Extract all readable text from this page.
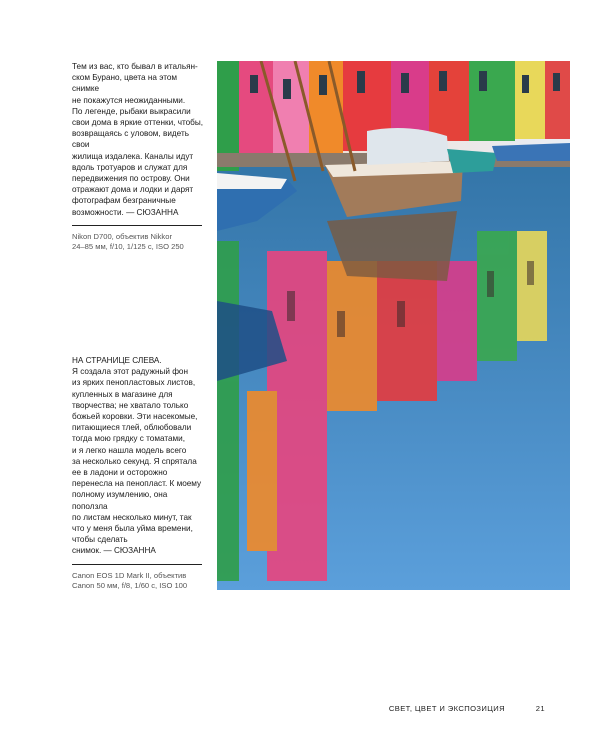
Тем из вас, кто бывал в итальян-
ском Бурано, цвета на этом снимке
не покажутся неожиданными.
По легенде, рыбаки выкрасили
свои дома в яркие оттенки, чтобы,
возвращаясь с уловом, видеть свои
жилища издалека. Каналы идут
вдоль тротуаров и служат для
передвижения по острову. Они
отражают дома и лодки и дарят
фотографам безграничные
возможности. — СЮЗАННА

Nikon D700, объектив Nikkor
24–85 мм, f/10, 1/125 с, ISO 250

НА СТРАНИЦЕ СЛЕВА.

Я создала этот радужный фон
из ярких пенопластовых листов,
купленных в магазине для
творчества; не хватало только
божьей коровки. Эти насекомые,
питающиеся тлей, облюбовали
тогда мою грядку с томатами,
и я легко нашла модель всего
за несколько секунд. Я спрятала
ее в ладони и осторожно
перенесла на пенопласт. К моему
полному изумлению, она поползла
по листам несколько минут, так
что у меня была уйма времени,
чтобы сделать
снимок. — СЮЗАННА

Canon EOS 1D Mark II, объектив
Canon 50 мм, f/8, 1/60 с, ISO 100

СВЕТ, ЦВЕТ И ЭКСПОЗИЦИЯ	21
